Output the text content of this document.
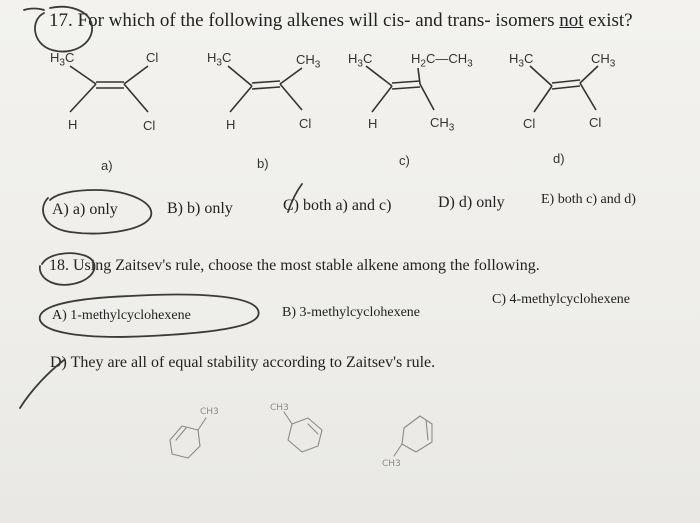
17. For which of the following alkenes will cis- and trans- isomers not exist?
$H_3C$	Cl
H	Cl
a)
$H_3C$	$CH_3$
H	Cl
b)
$H_3C$	$H_2C—CH_3$
H	$CH_3$
c)
$H_3C$	$CH_3$
Cl	Cl
d)
A) a) only	B) b) only	C) both a) and c)	D) d) only	E) both c) and d)
18. Using Zaitsev's rule, choose the most stable alkene among the following.
A) 1-methylcyclohexene	B) 3-methylcyclohexene
C) 4-methylcyclohexene
D) They are all of equal stability according to Zaitsev's rule.
CH3	CH3
CH3
